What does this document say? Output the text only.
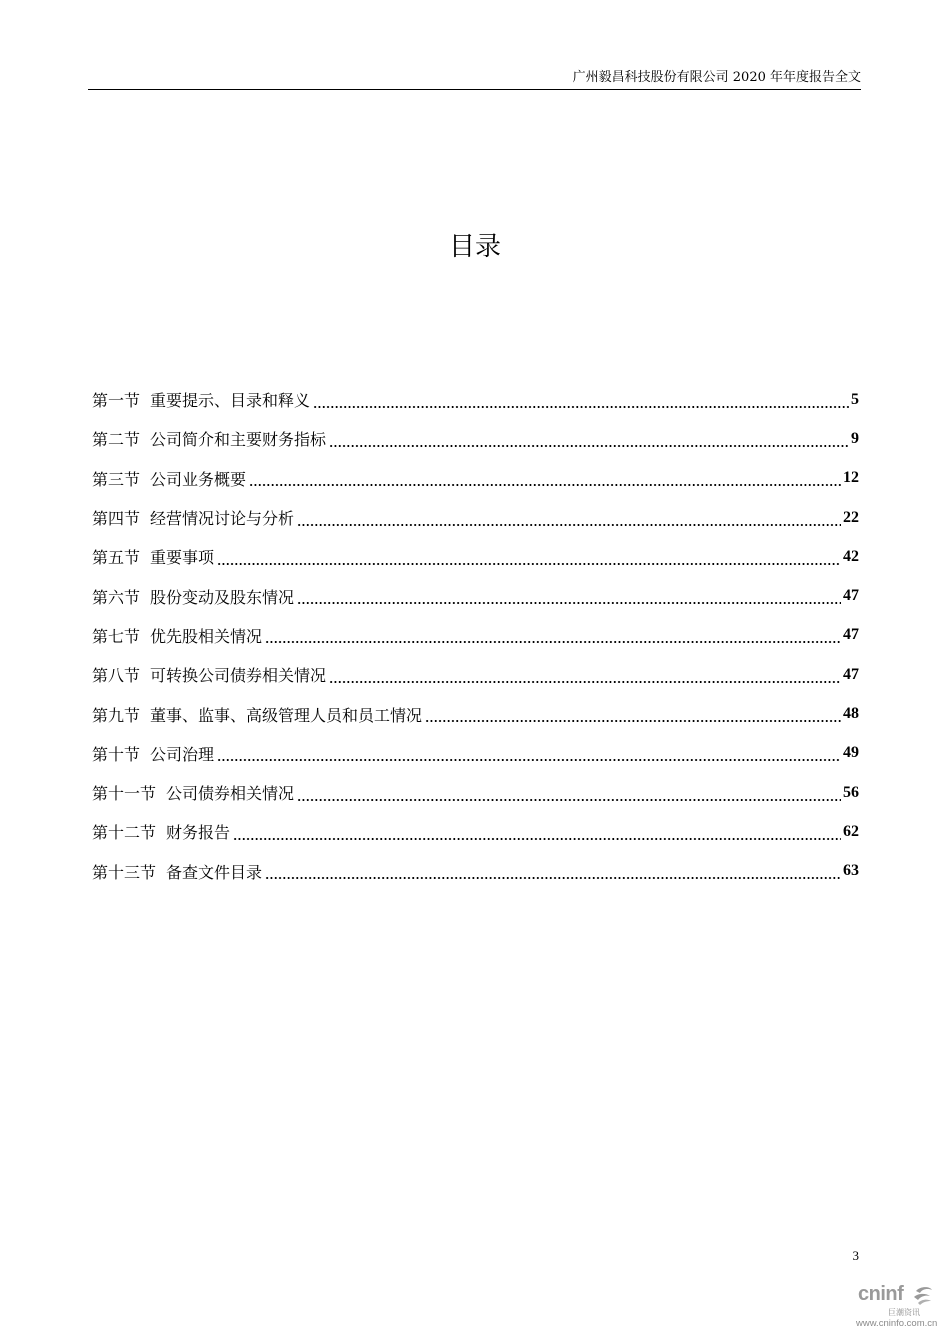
广州毅昌科技股份有限公司 2020 年年度报告全文
目录
第一节 重要提示、目录和释义	5
第二节 公司简介和主要财务指标	9
第三节 公司业务概要	12
第四节 经营情况讨论与分析	22
第五节 重要事项	42
第六节 股份变动及股东情况	47
第七节 优先股相关情况	47
第八节 可转换公司债券相关情况	47
第九节 董事、监事、高级管理人员和员工情况	48
第十节 公司治理	49
第十一节 公司债券相关情况	56
第十二节 财务报告	62
第十三节 备查文件目录	63
3
cninf
巨潮资讯
www.cninfo.com.cn
